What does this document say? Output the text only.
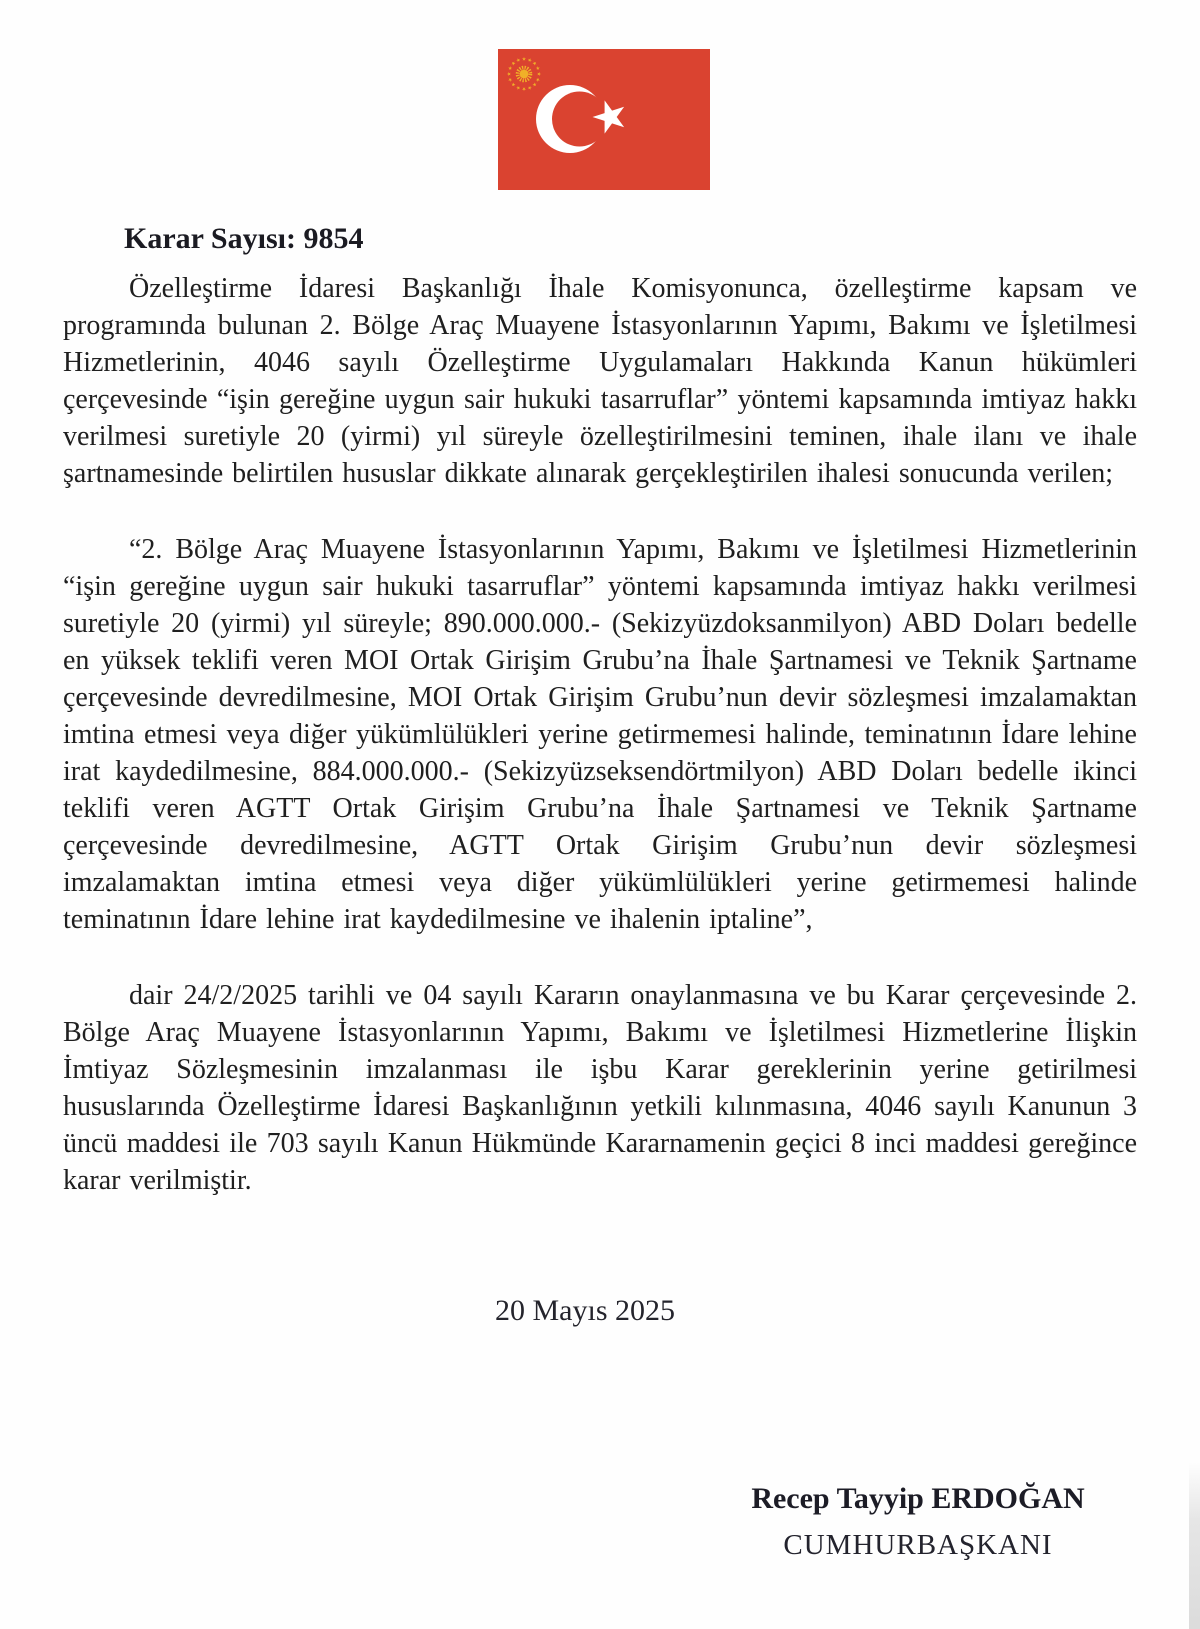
Karar Sayısı: 9854

Özelleştirme İdaresi Başkanlığı İhale Komisyonunca, özelleştirme kapsam ve programında bulunan 2. Bölge Araç Muayene İstasyonlarının Yapımı, Bakımı ve İşletilmesi Hizmetlerinin, 4046 sayılı Özelleştirme Uygulamaları Hakkında Kanun hükümleri çerçevesinde “işin gereğine uygun sair hukuki tasarruflar” yöntemi kapsamında imtiyaz hakkı verilmesi suretiyle 20 (yirmi) yıl süreyle özelleştirilmesini teminen, ihale ilanı ve ihale şartnamesinde belirtilen hususlar dikkate alınarak gerçekleştirilen ihalesi sonucunda verilen;

“2. Bölge Araç Muayene İstasyonlarının Yapımı, Bakımı ve İşletilmesi Hizmetlerinin “işin gereğine uygun sair hukuki tasarruflar” yöntemi kapsamında imtiyaz hakkı verilmesi suretiyle 20 (yirmi) yıl süreyle; 890.000.000.- (Sekizyüzdoksanmilyon) ABD Doları bedelle en yüksek teklifi veren MOI Ortak Girişim Grubu’na İhale Şartnamesi ve Teknik Şartname çerçevesinde devredilmesine, MOI Ortak Girişim Grubu’nun devir sözleşmesi imzalamaktan imtina etmesi veya diğer yükümlülükleri yerine getirmemesi halinde, teminatının İdare lehine irat kaydedilmesine, 884.000.000.- (Sekizyüzseksendörtmilyon) ABD Doları bedelle ikinci teklifi veren AGTT Ortak Girişim Grubu’na İhale Şartnamesi ve Teknik Şartname çerçevesinde devredilmesine, AGTT Ortak Girişim Grubu’nun devir sözleşmesi imzalamaktan imtina etmesi veya diğer yükümlülükleri yerine getirmemesi halinde teminatının İdare lehine irat kaydedilmesine ve ihalenin iptaline”,

dair 24/2/2025 tarihli ve 04 sayılı Kararın onaylanmasına ve bu Karar çerçevesinde 2. Bölge Araç Muayene İstasyonlarının Yapımı, Bakımı ve İşletilmesi Hizmetlerine İlişkin İmtiyaz Sözleşmesinin imzalanması ile işbu Karar gereklerinin yerine getirilmesi hususlarında Özelleştirme İdaresi Başkanlığının yetkili kılınmasına, 4046 sayılı Kanunun 3 üncü maddesi ile 703 sayılı Kanun Hükmünde Kararnamenin geçici 8 inci maddesi gereğince karar verilmiştir.

20 Mayıs 2025
Recep Tayyip ERDOĞAN
CUMHURBAŞKANI
